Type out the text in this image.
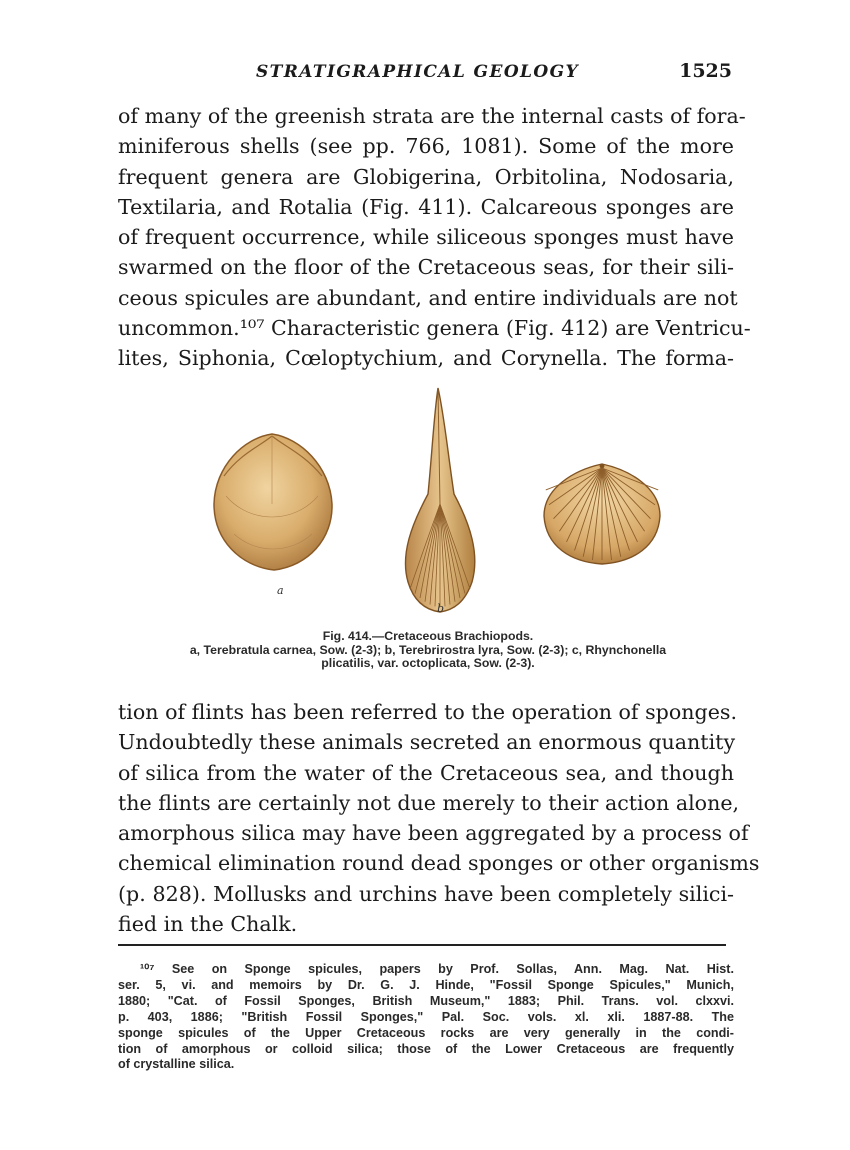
STRATIGRAPHICAL GEOLOGY	1525
of many of the greenish strata are the internal casts of fora-
miniferous shells (see pp. 766, 1081). Some of the more
frequent genera are Globigerina, Orbitolina, Nodosaria,
Textilaria, and Rotalia (Fig. 411). Calcareous sponges are
of frequent occurrence, while siliceous sponges must have
swarmed on the floor of the Cretaceous seas, for their sili-
ceous spicules are abundant, and entire individuals are not
uncommon.¹⁰⁷ Characteristic genera (Fig. 412) are Ventricu-
lites, Siphonia, Cœloptychium, and Corynella. The forma-
a
b
Fig. 414.—Cretaceous Brachiopods.
a, Terebratula carnea, Sow. (2-3); b, Terebrirostra lyra, Sow. (2-3); c, Rhynchonella
plicatilis, var. octoplicata, Sow. (2-3).
tion of flints has been referred to the operation of sponges.
Undoubtedly these animals secreted an enormous quantity
of silica from the water of the Cretaceous sea, and though
the flints are certainly not due merely to their action alone,
amorphous silica may have been aggregated by a process of
chemical elimination round dead sponges or other organisms
(p. 828). Mollusks and urchins have been completely silici-
fied in the Chalk.
¹⁰⁷ See on Sponge spicules, papers by Prof. Sollas, Ann. Mag. Nat. Hist.
ser. 5, vi. and memoirs by Dr. G. J. Hinde, "Fossil Sponge Spicules," Munich,
1880; "Cat. of Fossil Sponges, British Museum," 1883; Phil. Trans. vol. clxxvi.
p. 403, 1886; "British Fossil Sponges," Pal. Soc. vols. xl. xli. 1887-88. The
sponge spicules of the Upper Cretaceous rocks are very generally in the condi-
tion of amorphous or colloid silica; those of the Lower Cretaceous are frequently
of crystalline silica.
